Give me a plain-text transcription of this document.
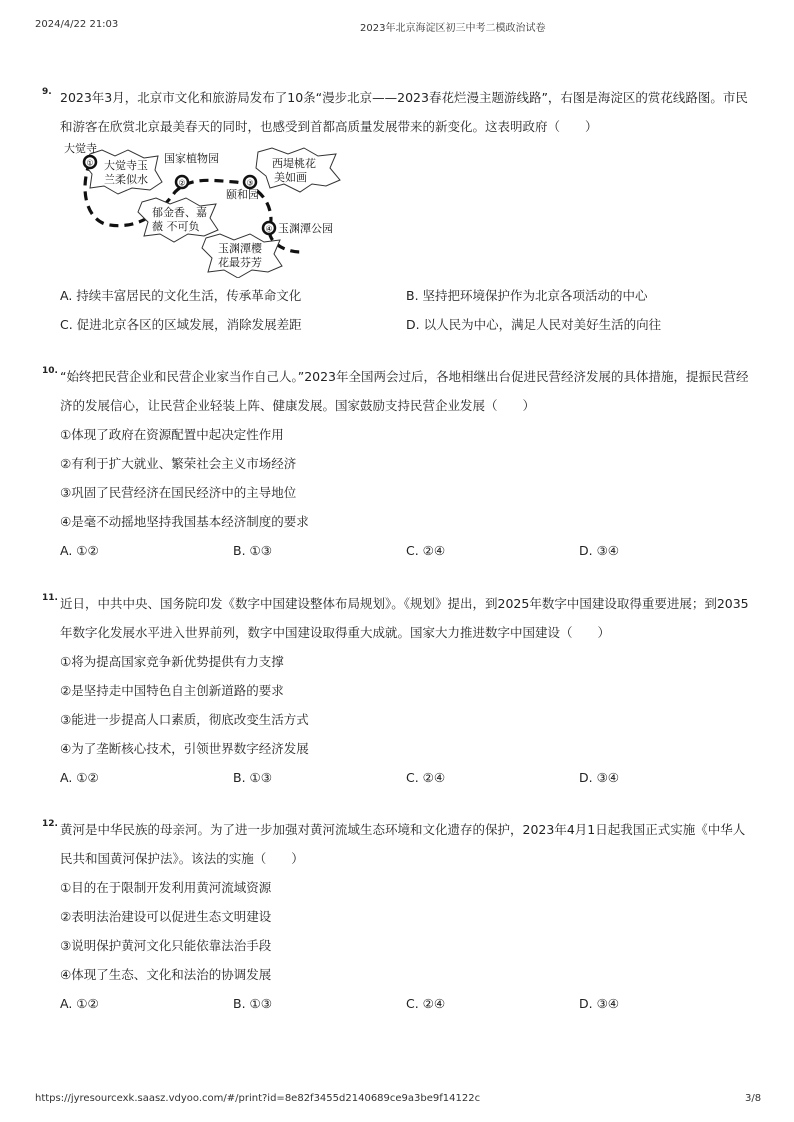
2024/4/22 21:03	2023年北京海淀区初三中考二模政治试卷
9. 2023年3月，北京市文化和旅游局发布了10条“漫步北京——2023春花烂漫主题游线路”，右图是海淀区的赏花线路图。市民和游客在欣赏北京最美春天的同时，也感受到首都高质量发展带来的新变化。这表明政府（　　）
①
②	③
④
大觉寺
国家植物园
颐和园
玉渊潭公园
大觉寺玉
兰柔似水
西堤桃花
美如画
郁金香、嘉
薇 不可负
玉渊潭樱
花最芬芳
A. 持续丰富居民的文化生活，传承革命文化	B. 坚持把环境保护作为北京各项活动的中心
C. 促进北京各区的区域发展，消除发展差距	D. 以人民为中心，满足人民对美好生活的向往
10. “始终把民营企业和民营企业家当作自己人。”2023年全国两会过后，各地相继出台促进民营经济发展的具体措施，提振民营经济的发展信心，让民营企业轻装上阵、健康发展。国家鼓励支持民营企业发展（　　）
①体现了政府在资源配置中起决定性作用
②有利于扩大就业、繁荣社会主义市场经济
③巩固了民营经济在国民经济中的主导地位
④是毫不动摇地坚持我国基本经济制度的要求
A. ①②	B. ①③	C. ②④	D. ③④
11. 近日，中共中央、国务院印发《数字中国建设整体布局规划》。《规划》提出，到2025年数字中国建设取得重要进展；到2035年数字化发展水平进入世界前列，数字中国建设取得重大成就。国家大力推进数字中国建设（　　）
①将为提高国家竞争新优势提供有力支撑
②是坚持走中国特色自主创新道路的要求
③能进一步提高人口素质，彻底改变生活方式
④为了垄断核心技术，引领世界数字经济发展
A. ①②	B. ①③	C. ②④	D. ③④
12. 黄河是中华民族的母亲河。为了进一步加强对黄河流域生态环境和文化遗存的保护，2023年4月1日起我国正式实施《中华人民共和国黄河保护法》。该法的实施（　　）
①目的在于限制开发利用黄河流域资源
②表明法治建设可以促进生态文明建设
③说明保护黄河文化只能依靠法治手段
④体现了生态、文化和法治的协调发展
A. ①②	B. ①③	C. ②④	D. ③④
https://jyresourcexk.saasz.vdyoo.com/#/print?id=8e82f3455d2140689ce9a3be9f14122c	3/8
